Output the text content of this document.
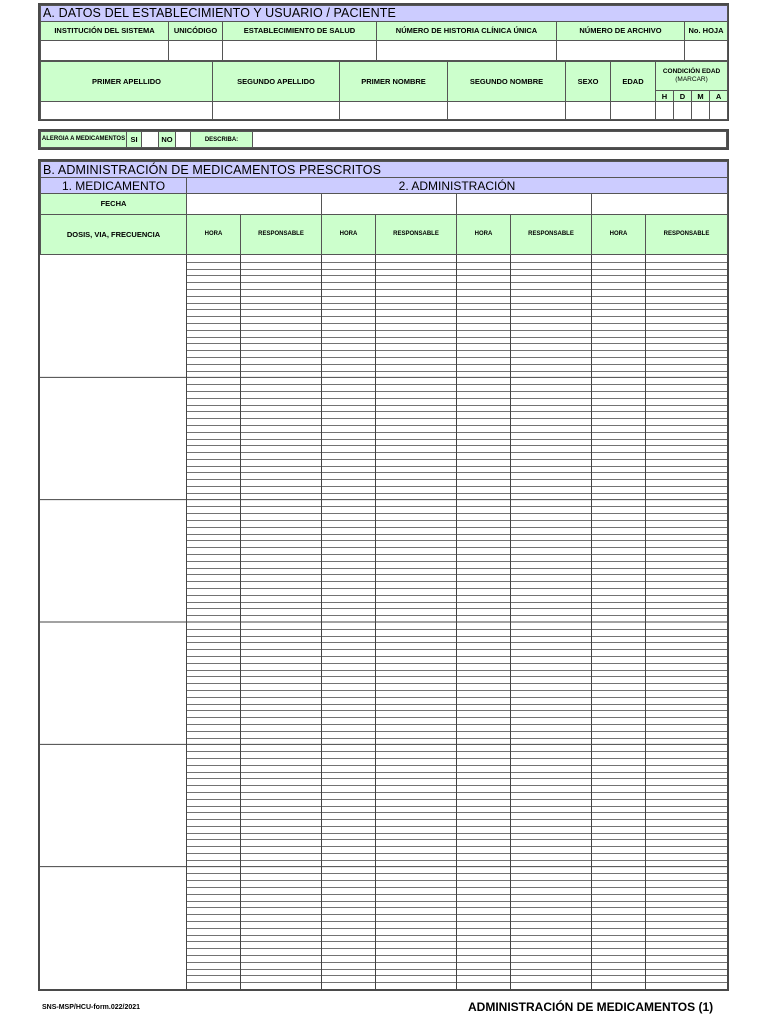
A. DATOS DEL ESTABLECIMIENTO Y USUARIO / PACIENTE					
INSTITUCIÓN DEL SISTEMA	UNICÓDIGO	ESTABLECIMIENTO DE SALUD	NÚMERO DE HISTORIA CLÍNICA ÚNICA	NÚMERO DE ARCHIVO	No. HOJA

PRIMER APELLIDO	SEGUNDO APELLIDO	PRIMER NOMBRE	SEGUNDO NOMBRE	SEXO	EDAD	CONDICIÓN EDAD
(MARCAR)			

						H	D	M	A

ALERGIA A MEDICAMENTOS	SI		NO		DESCRIBA:	
B. ADMINISTRACIÓN DE MEDICAMENTOS PRESCRITOS								
1. MEDICAMENTO	2. ADMINISTRACIÓN							
FECHA								
DOSIS, VIA, FRECUENCIA	HORA	RESPONSABLE	HORA	RESPONSABLE	HORA	RESPONSABLE	HORA	RESPONSABLE
SNS-MSP/HCU-form.022/2021	ADMINISTRACIÓN DE MEDICAMENTOS (1)
